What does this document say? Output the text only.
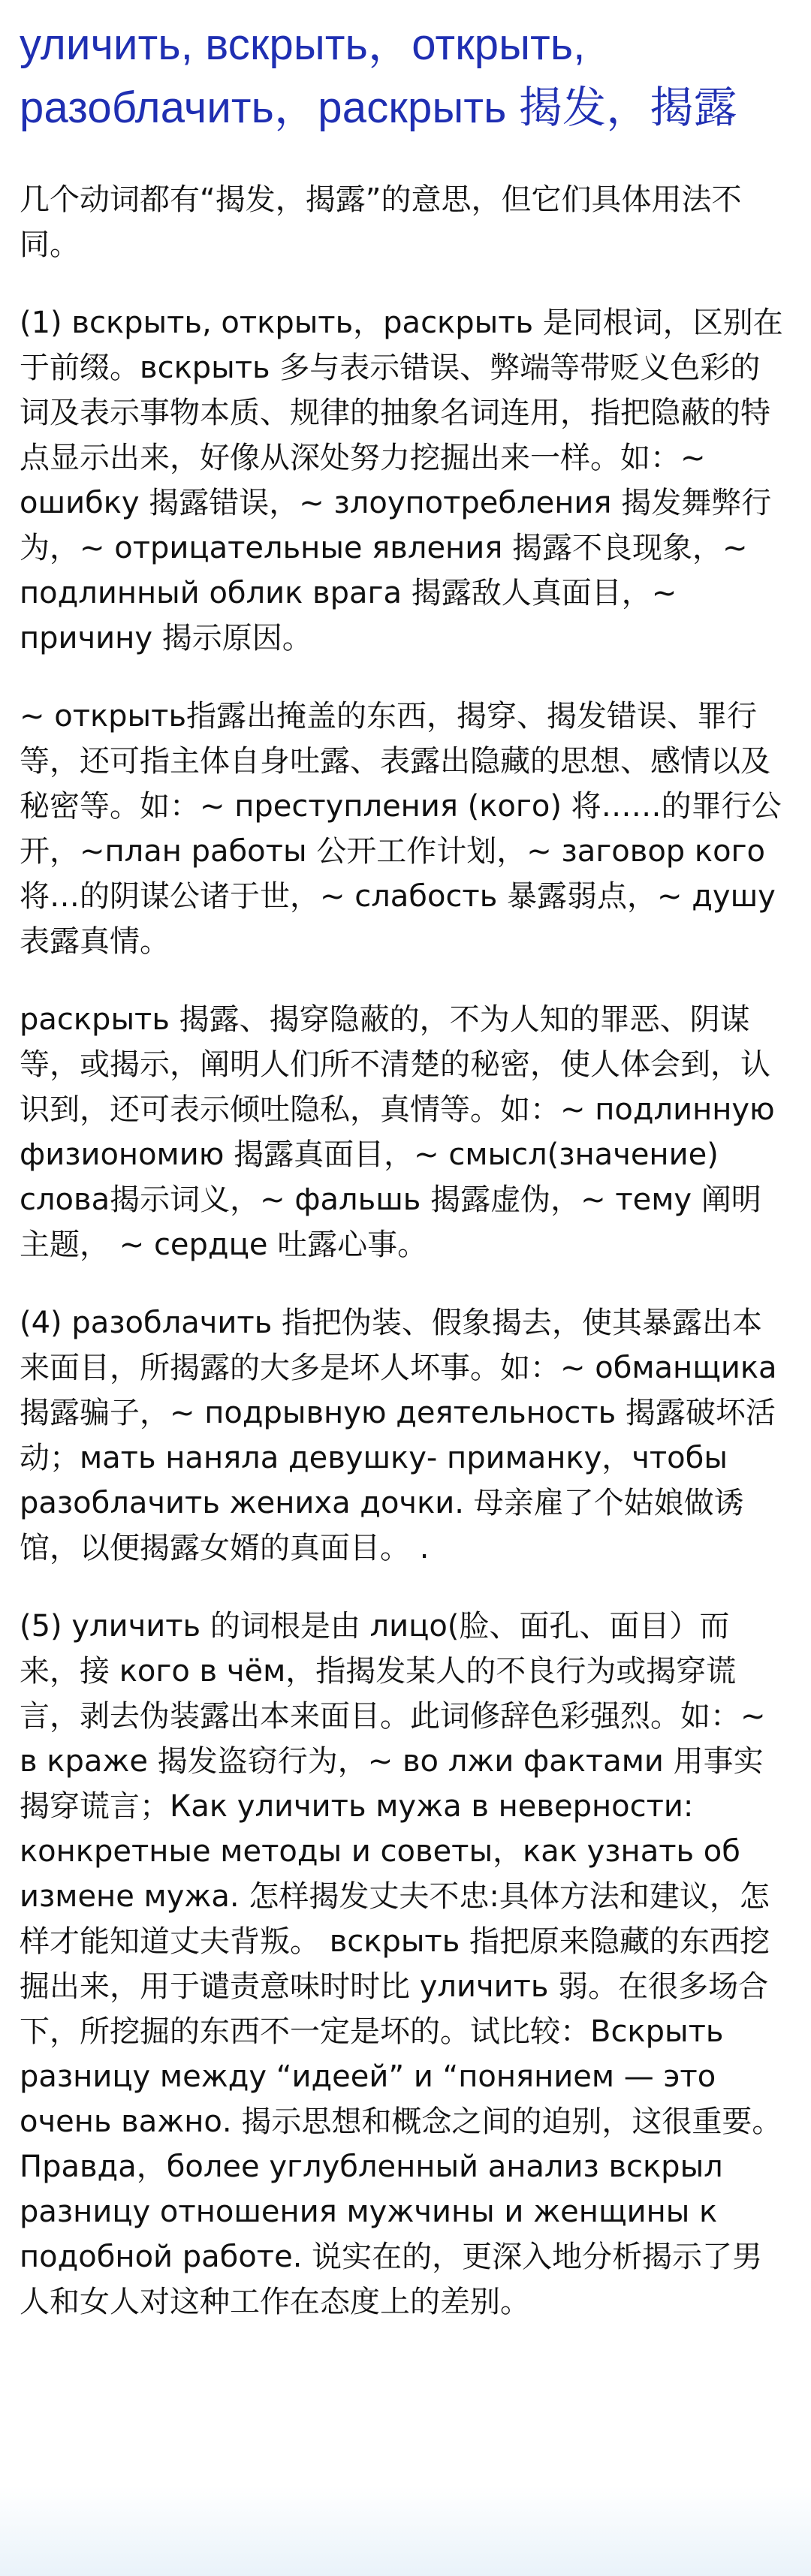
уличить, вскрыть，открыть, разоблачить，раскрыть 揭发，揭露

几个动词都有“揭发，揭露”的意思，但它们具体用法不同。

(1) вскрыть, открыть，раскрыть 是同根词，区别在于前缀。вскрыть 多与表示错误、弊端等带贬义色彩的词及表示事物本质、规律的抽象名词连用，指把隐蔽的特点显示出来，好像从深处努力挖掘出来一样。如：~ ошибку 揭露错误，~ злоупотребления 揭发舞弊行为，~ отрицательные явления 揭露不良现象，~ подлинный облик врага 揭露敌人真面目，~ причину 揭示原因。

~ открыть指露出掩盖的东西，揭穿、揭发错误、罪行等，还可指主体自身吐露、表露出隐藏的思想、感情以及秘密等。如：~ преступления (кого) 将……的罪行公开，~план работы 公开工作计划，~ заговор кого 将…的阴谋公诸于世，~ слабость 暴露弱点，~ душу 表露真情。

раскрыть 揭露、揭穿隐蔽的，不为人知的罪恶、阴谋等，或揭示，阐明人们所不清楚的秘密，使人体会到，认识到，还可表示倾吐隐私，真情等。如：~ подлинную физиономию 揭露真面目，~ смысл(значение) слова揭示词义，~ фальшь 揭露虚伪，~ тему 阐明主题， ~ сердце 吐露心事。

(4) разоблачить 指把伪装、假象揭去，使其暴露出本来面目，所揭露的大多是坏人坏事。如：~ обманщика 揭露骗子，~ подрывную деятельность 揭露破坏活动；мать наняла девушку- приманку，чтобы разоблачить жениха дочки. 母亲雇了个姑娘做诱馆，以便揭露女婿的真面目。 .

(5) уличить 的词根是由 лицо(脸、面孔、面目）而来，接 кого в чём，指揭发某人的不良行为或揭穿谎言，剥去伪装露出本来面目。此词修辞色彩强烈。如：~ в краже 揭发盗窃行为，~ во лжи фактами 用事实揭穿谎言；Как уличить мужа в неверности: конкретные методы и советы，как узнать об измене мужа. 怎样揭发丈夫不忠:具体方法和建议，怎样才能知道丈夫背叛。 вскрыть 指把原来隐藏的东西挖掘出来，用于谴责意味时时比 уличить 弱。在很多场合下，所挖掘的东西不一定是坏的。试比较：Вскрыть разницу между “идеей” и “понянием — это очень важно. 揭示思想和概念之间的迫别，这很重要。Правда，более углубленный анализ вскрыл разницу отношения мужчины и женщины к подобной работе. 说实在的，更深入地分析揭示了男人和女人对这种工作在态度上的差别。
